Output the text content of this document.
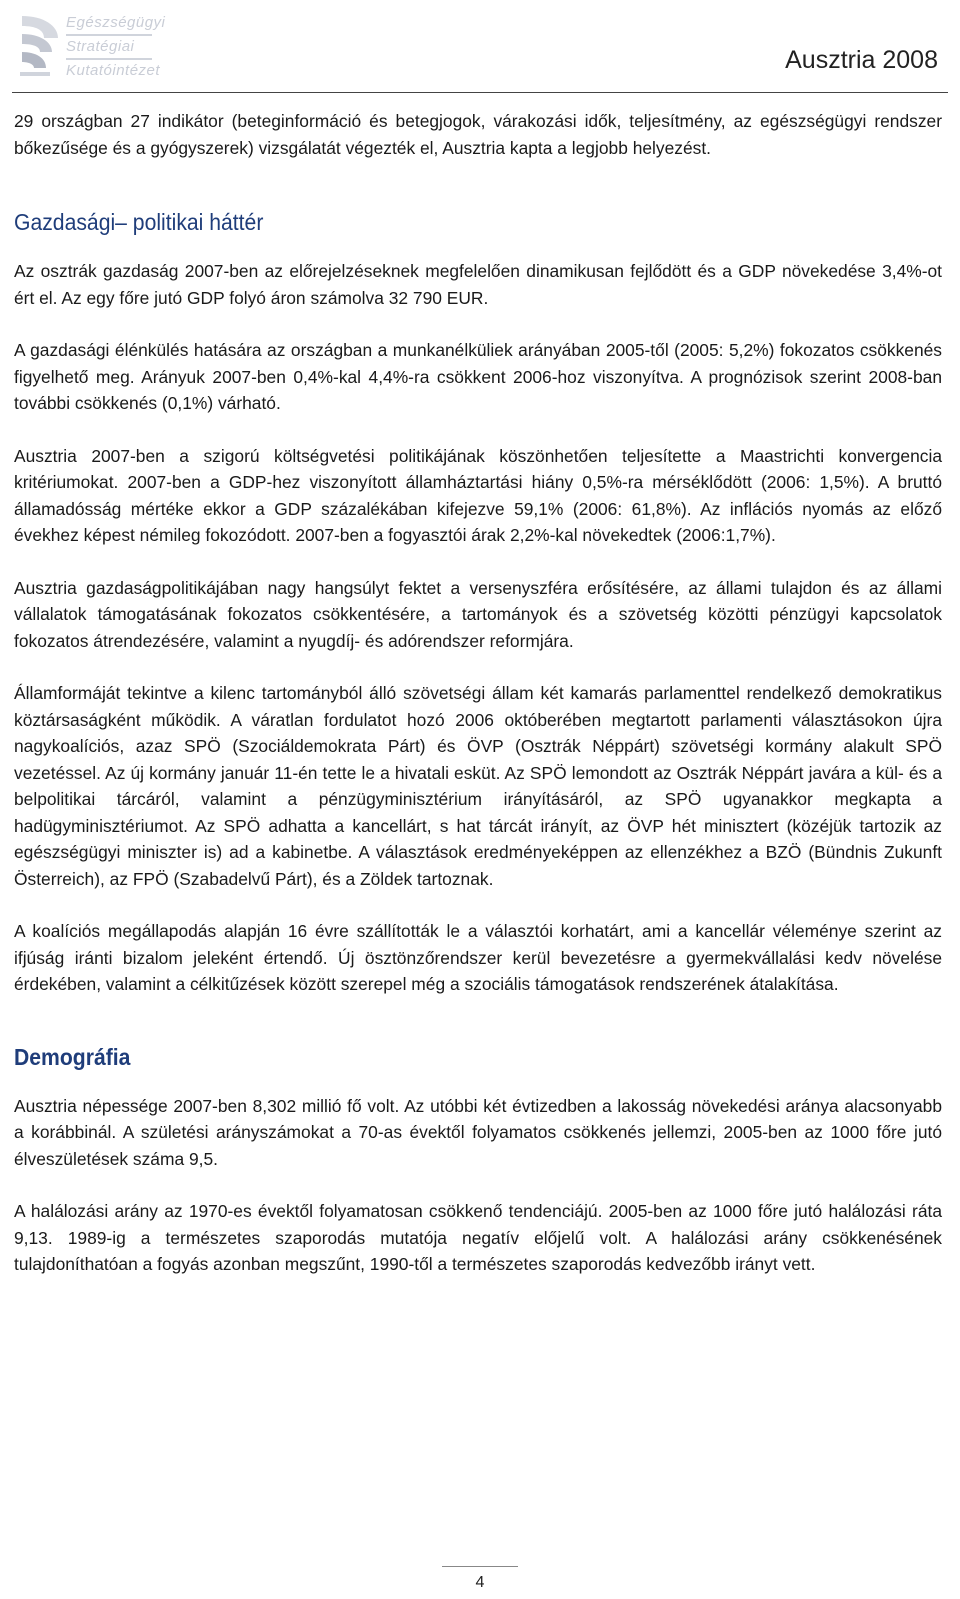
Egészségügyi
Stratégiai
Kutatóintézet	Ausztria 2008

29 országban 27 indikátor (beteginformáció és betegjogok, várakozási idők, teljesítmény, az egészségügyi rendszer bőkezűsége és a gyógyszerek) vizsgálatát végezték el, Ausztria kapta a legjobb helyezést.

Gazdasági– politikai háttér

Az osztrák gazdaság 2007-ben az előrejelzéseknek megfelelően dinamikusan fejlődött és a GDP növekedése 3,4%-ot ért el. Az egy főre jutó GDP folyó áron számolva 32 790 EUR.

A gazdasági élénkülés hatására az országban a munkanélküliek arányában 2005-től (2005: 5,2%) fokozatos csökkenés figyelhető meg. Arányuk 2007-ben 0,4%-kal 4,4%-ra csökkent 2006-hoz viszonyítva. A prognózisok szerint 2008-ban további csökkenés (0,1%) várható.

Ausztria 2007-ben a szigorú költségvetési politikájának köszönhetően teljesítette a Maastrichti konvergencia kritériumokat. 2007-ben a GDP-hez viszonyított államháztartási hiány 0,5%-ra mérséklődött (2006: 1,5%). A bruttó államadósság mértéke ekkor a GDP százalékában kifejezve 59,1% (2006: 61,8%). Az inflációs nyomás az előző évekhez képest némileg fokozódott. 2007-ben a fogyasztói árak 2,2%-kal növekedtek (2006:1,7%).

Ausztria gazdaságpolitikájában nagy hangsúlyt fektet a versenyszféra erősítésére, az állami tulajdon és az állami vállalatok támogatásának fokozatos csökkentésére, a tartományok és a szövetség közötti pénzügyi kapcsolatok fokozatos átrendezésére, valamint a nyugdíj- és adórendszer reformjára.

Államformáját tekintve a kilenc tartományból álló szövetségi állam két kamarás parlamenttel rendelkező demokratikus köztársaságként működik. A váratlan fordulatot hozó 2006 októberében megtartott parlamenti választásokon újra nagykoalíciós, azaz SPÖ (Szociáldemokrata Párt) és ÖVP (Osztrák Néppárt) szövetségi kormány alakult SPÖ vezetéssel. Az új kormány január 11-én tette le a hivatali esküt. Az SPÖ lemondott az Osztrák Néppárt javára a kül- és a belpolitikai tárcáról, valamint a pénzügyminisztérium irányításáról, az SPÖ ugyanakkor megkapta a hadügyminisztériumot. Az SPÖ adhatta a kancellárt, s hat tárcát irányít, az ÖVP hét minisztert (közéjük tartozik az egészségügyi miniszter is) ad a kabinetbe. A választások eredményeképpen az ellenzékhez a BZÖ (Bündnis Zukunft Österreich), az FPÖ (Szabadelvű Párt), és a Zöldek tartoznak.

A koalíciós megállapodás alapján 16 évre szállították le a választói korhatárt, ami a kancellár véleménye szerint az ifjúság iránti bizalom jeleként értendő. Új ösztönzőrendszer kerül bevezetésre a gyermekvállalási kedv növelése érdekében, valamint a célkitűzések között szerepel még a szociális támogatások rendszerének átalakítása.

Demográfia

Ausztria népessége 2007-ben 8,302 millió fő volt. Az utóbbi két évtizedben a lakosság növekedési aránya alacsonyabb a korábbinál. A születési arányszámokat a 70-as évektől folyamatos csökkenés jellemzi, 2005-ben az 1000 főre jutó élveszületések száma 9,5.

A halálozási arány az 1970-es évektől folyamatosan csökkenő tendenciájú. 2005-ben az 1000 főre jutó halálozási ráta 9,13. 1989-ig a természetes szaporodás mutatója negatív előjelű volt. A halálozási arány csökkenésének tulajdoníthatóan a fogyás azonban megszűnt, 1990-től a természetes szaporodás kedvezőbb irányt vett.

4
